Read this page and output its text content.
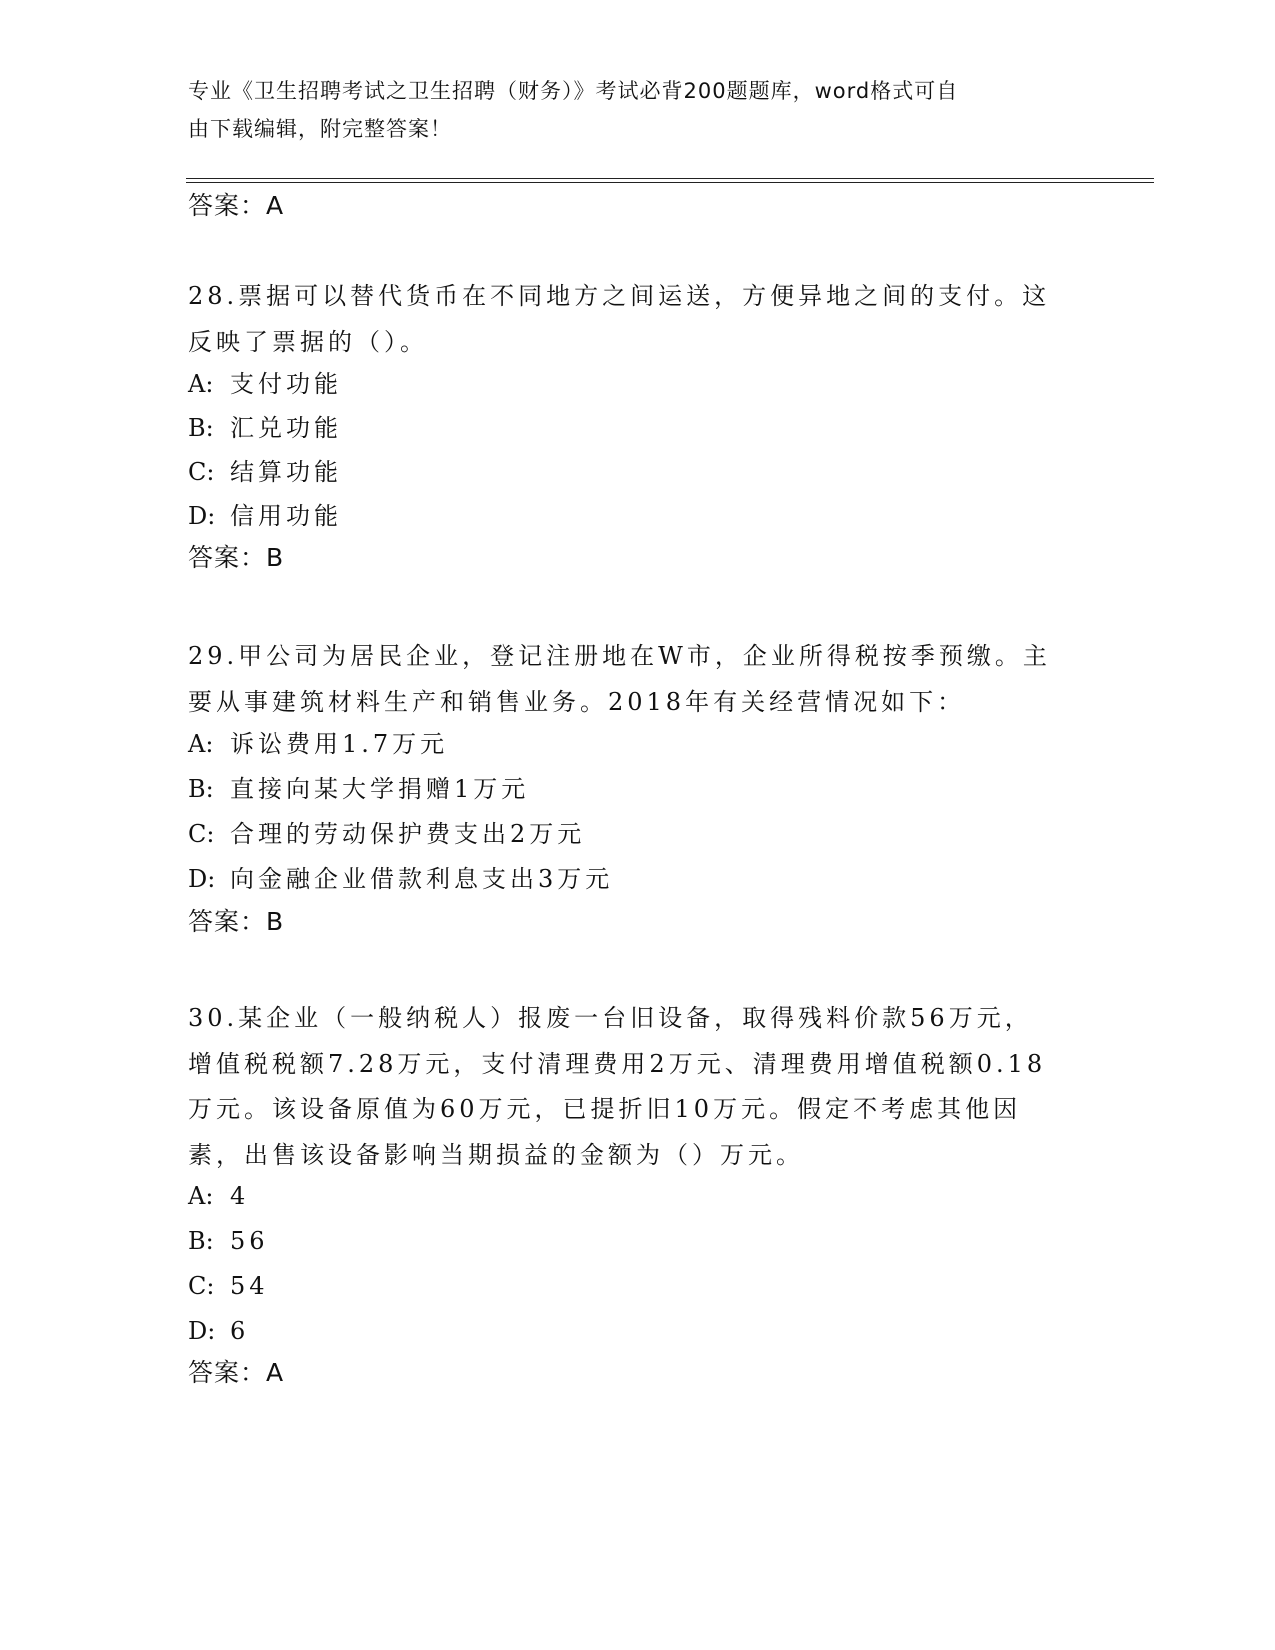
专业《卫生招聘考试之卫生招聘（财务）》考试必背200题题库，word格式可自
由下载编辑，附完整答案！
答案：A
28.票据可以替代货币在不同地方之间运送，方便异地之间的支付。这
反映了票据的（）。
A: 支付功能
B: 汇兑功能
C: 结算功能
D: 信用功能
答案：B
29.甲公司为居民企业，登记注册地在W市，企业所得税按季预缴。主
要从事建筑材料生产和销售业务。2018年有关经营情况如下：
A: 诉讼费用1.7万元
B: 直接向某大学捐赠1万元
C: 合理的劳动保护费支出2万元
D: 向金融企业借款利息支出3万元
答案：B
30.某企业（一般纳税人）报废一台旧设备，取得残料价款56万元，
增值税税额7.28万元，支付清理费用2万元、清理费用增值税额0.18
万元。该设备原值为60万元，已提折旧10万元。假定不考虑其他因
素，出售该设备影响当期损益的金额为（）万元。
A: 4
B: 56
C: 54
D: 6
答案：A
